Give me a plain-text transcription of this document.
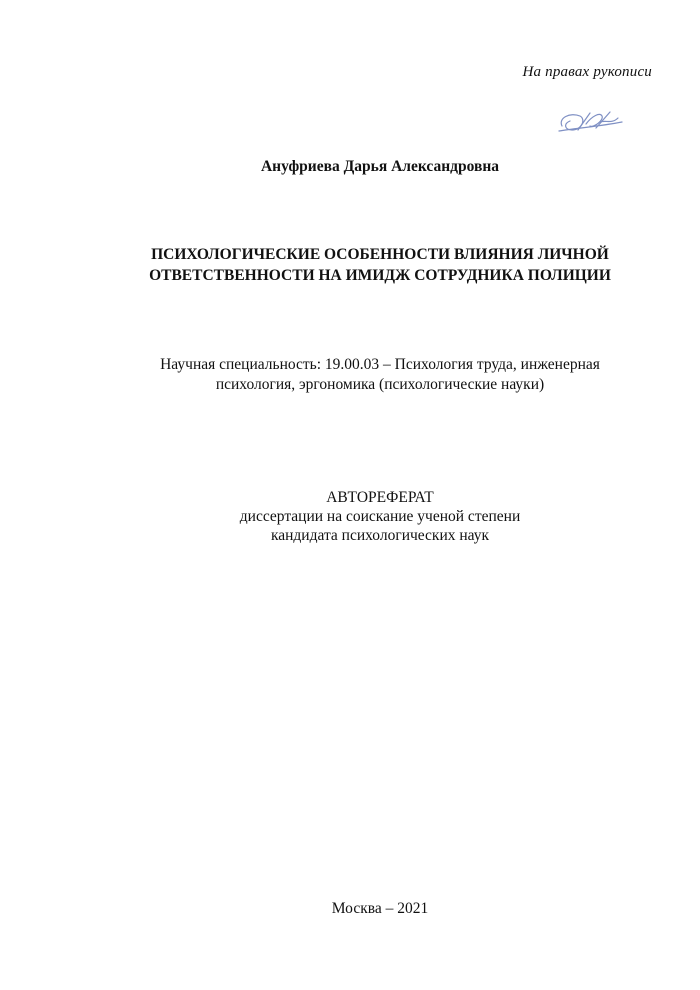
На правах рукописи
Ануфриева Дарья Александровна
ПСИХОЛОГИЧЕСКИЕ ОСОБЕННОСТИ ВЛИЯНИЯ ЛИЧНОЙ
ОТВЕТСТВЕННОСТИ НА ИМИДЖ СОТРУДНИКА ПОЛИЦИИ
Научная специальность: 19.00.03 – Психология труда, инженерная
психология, эргономика (психологические науки)
АВТОРЕФЕРАТ
диссертации на соискание ученой степени
кандидата психологических наук
Москва – 2021
